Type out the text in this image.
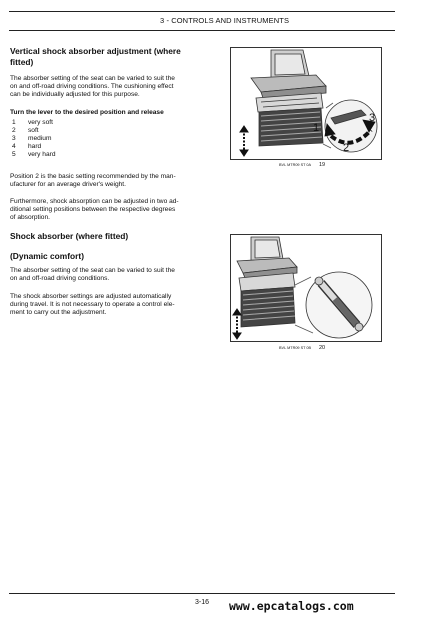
3 - CONTROLS AND INSTRUMENTS
Vertical shock absorber adjustment (where
fitted)
The absorber setting of the seat can be varied to suit the
on and off-road driving conditions. The cushioning effect
can be individually adjusted for this purpose.
Turn the lever to the desired position and release
1 very soft
2 soft
3 medium
4 hard
5 very hard
Position 2 is the basic setting recommended by the man-
ufacturer for an average driver's weight.
Furthermore, shock absorption can be adjusted in two ad-
ditional setting positions between the respective degrees
of absorption.
Shock absorber (where fitted)
(Dynamic comfort)
The absorber setting of the seat can be varied to suit the
on and off-road driving conditions.
The shock absorber settings are adjusted automatically
during travel. It is not necessary to operate a control ele-
ment to carry out the adjustment.
1
2
3
BVL MTR09 ST 0A 19
BVL MTR09 ST 0B 20
3-16 www.epcatalogs.com
